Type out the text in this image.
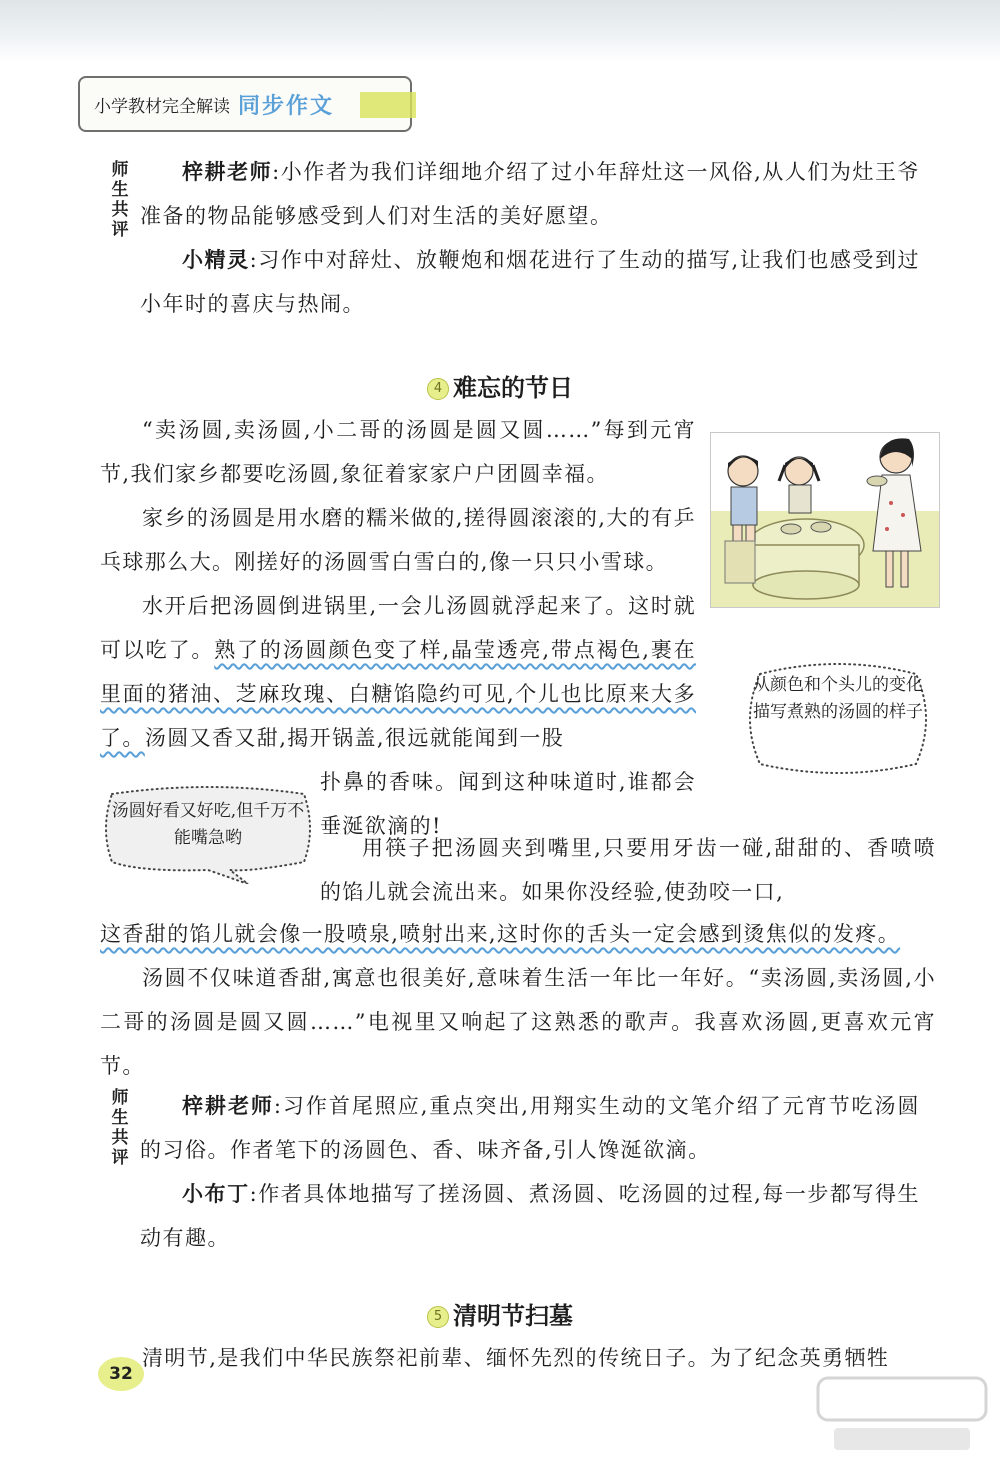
小学教材完全解读 同步作文
师
生
共
评

梓耕老师:小作者为我们详细地介绍了过小年辞灶这一风俗,从人们为灶王爷准备的物品能够感受到人们对生活的美好愿望。

小精灵:习作中对辞灶、放鞭炮和烟花进行了生动的描写,让我们也感受到过小年时的喜庆与热闹。

4 难忘的节日

“卖汤圆,卖汤圆,小二哥的汤圆是圆又圆……”每到元宵节,我们家乡都要吃汤圆,象征着家家户户团圆幸福。

家乡的汤圆是用水磨的糯米做的,搓得圆滚滚的,大的有乒乓球那么大。刚搓好的汤圆雪白雪白的,像一只只小雪球。

水开后把汤圆倒进锅里,一会儿汤圆就浮起来了。这时就可以吃了。熟了的汤圆颜色变了样,晶莹透亮,带点褐色,裹在里面的猪油、芝麻玫瑰、白糖馅隐约可见,个儿也比原来大多了。汤圆又香又甜,揭开锅盖,很远就能闻到一股

从颜色和个头儿的变化描写煮熟的汤圆的样子
扑鼻的香味。闻到这种味道时,谁都会垂涎欲滴的!
汤圆好看又好吃,但千万不能嘴急哟	用筷子把汤圆夹到嘴里,只要用牙齿一碰,甜甜的、香喷喷的馅儿就会流出来。如果你没经验,使劲咬一口,
这香甜的馅儿就会像一股喷泉,喷射出来,这时你的舌头一定会感到烫焦似的发疼。

汤圆不仅味道香甜,寓意也很美好,意味着生活一年比一年好。“卖汤圆,卖汤圆,小二哥的汤圆是圆又圆……”电视里又响起了这熟悉的歌声。我喜欢汤圆,更喜欢元宵节。

师
生
共
评

梓耕老师:习作首尾照应,重点突出,用翔实生动的文笔介绍了元宵节吃汤圆的习俗。作者笔下的汤圆色、香、味齐备,引人馋涎欲滴。

小布丁:作者具体地描写了搓汤圆、煮汤圆、吃汤圆的过程,每一步都写得生动有趣。

5 清明节扫墓

清明节,是我们中华民族祭祀前辈、缅怀先烈的传统日子。为了纪念英勇牺牲

32
